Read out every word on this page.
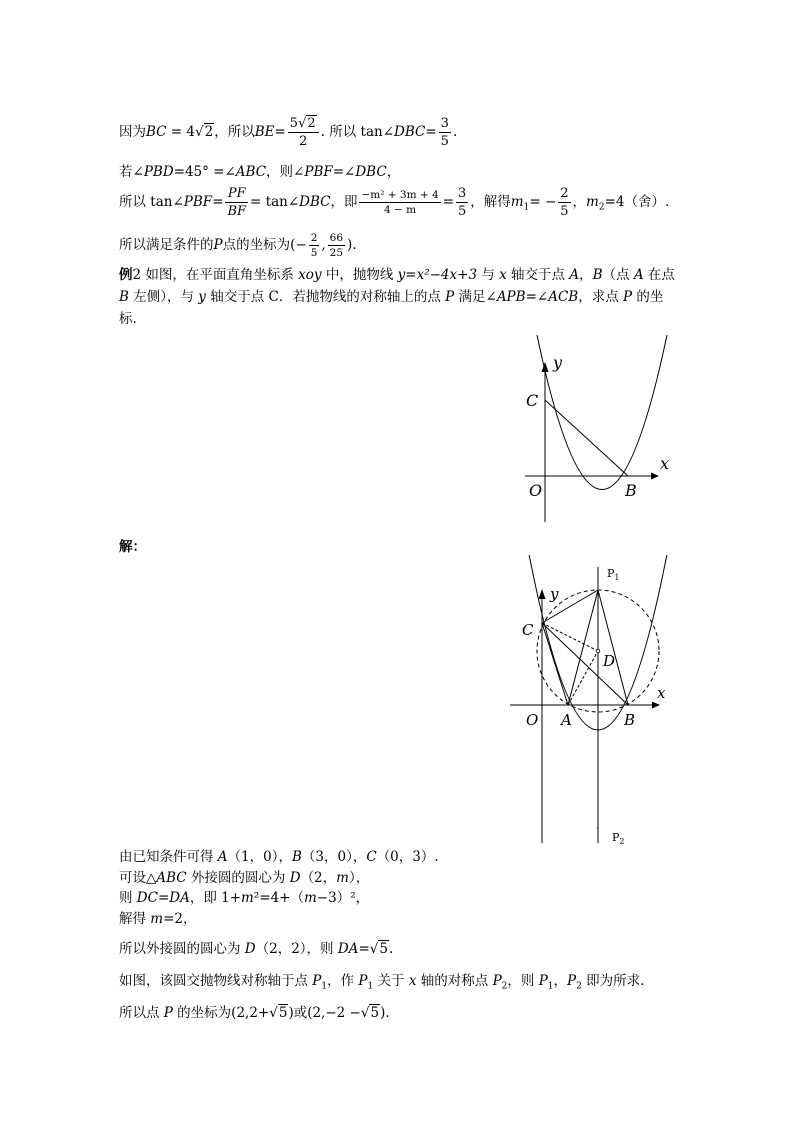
因为BC = 4√2，所以$BE= \frac{5√2}{2}$ . 所以 tan∠DBC= $\frac{3}{5}$ .
若∠PBD=45° =∠ABC，则∠PBF=∠DBC，
所以 tan∠PBF= $\frac{PF}{BF}$ = tan∠DBC，即 $\frac{\text{−m² + 3m + 4}}{4 - m} = \frac{3}{5}$ ，解得$m_1= - \frac{2}{5}$ ，$m_2=4$（舍）.
所以满足条件的P点的坐标为(− $\frac{2}{5}$ , $\frac{66}{25}$ ).
例2 如图，在平面直角坐标系 xoy 中，抛物线 y=x²−4x+3 与 x 轴交于点 A，B（点 A 在点
B 左侧），与 y 轴交于点 C．若抛物线的对称轴上的点 P 满足∠APB=∠ACB，求点 P 的坐
标.
y
x
C
O	B
解：
y
x
C
O A	B
D
$P_1$
$P_2$
·
由已知条件可得 A（1，0），B（3，0），C（0，3）.
可设△ABC 外接圆的圆心为 D（2，m），
则 DC=DA，即 1+m²=4+（m−3）²，
解得 m=2，
所以外接圆的圆心为 D（2，2），则 DA=√5.
如图，该圆交抛物线对称轴于点 $P_1$，作 $P_1$ 关于 x 轴的对称点 $P_2$，则 $P_1$，$P_2$ 即为所求.
所以点 P 的坐标为(2,2+√5)或(2,−2 −√5).
